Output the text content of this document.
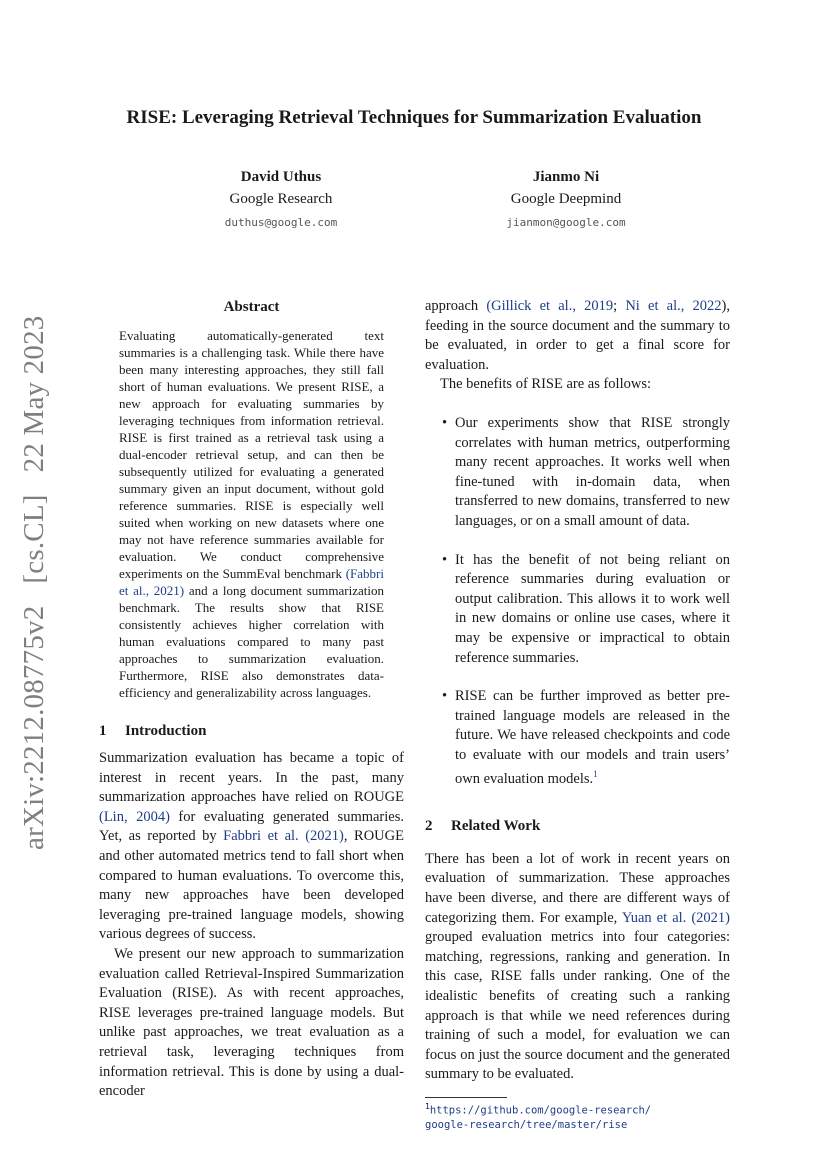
arXiv:2212.08775v2[cs.CL]22 May 2023
RISE: Leveraging Retrieval Techniques for Summarization Evaluation
David Uthus
Google Research
duthus@google.com
Jianmo Ni
Google Deepmind
jianmon@google.com
Abstract
Evaluating automatically-generated text summaries is a challenging task. While there have been many interesting approaches, they still fall short of human evaluations. We present RISE, a new approach for evaluating summaries by leveraging techniques from information retrieval. RISE is first trained as a retrieval task using a dual-encoder retrieval setup, and can then be subsequently utilized for evaluating a generated summary given an input document, without gold reference summaries. RISE is especially well suited when working on new datasets where one may not have reference summaries available for evaluation. We conduct comprehensive experiments on the SummEval benchmark (Fabbri et al., 2021) and a long document summarization benchmark. The results show that RISE consistently achieves higher correlation with human evaluations compared to many past approaches to summarization evaluation. Furthermore, RISE also demonstrates data-efficiency and generalizability across languages.
1 Introduction

Summarization evaluation has became a topic of interest in recent years. In the past, many summarization approaches have relied on ROUGE (Lin, 2004) for evaluating generated summaries. Yet, as reported by Fabbri et al. (2021), ROUGE and other automated metrics tend to fall short when compared to human evaluations. To overcome this, many new approaches have been developed leveraging pre-trained language models, showing various degrees of success.

We present our new approach to summarization evaluation called Retrieval-Inspired Summarization Evaluation (RISE). As with recent approaches, RISE leverages pre-trained language models. But unlike past approaches, we treat evaluation as a retrieval task, leveraging techniques from information retrieval. This is done by using a dual-encoder

approach (Gillick et al., 2019; Ni et al., 2022), feeding in the source document and the summary to be evaluated, in order to get a final score for evaluation.

The benefits of RISE are as follows:

• Our experiments show that RISE strongly correlates with human metrics, outperforming many recent approaches. It works well when fine-tuned with in-domain data, when transferred to new domains, transferred to new languages, or on a small amount of data.

• It has the benefit of not being reliant on reference summaries during evaluation or output calibration. This allows it to work well in new domains or online use cases, where it may be expensive or impractical to obtain reference summaries.

• RISE can be further improved as better pre-trained language models are released in the future. We have released checkpoints and code to evaluate with our models and train users’ own evaluation models.$^1$

2 Related Work

There has been a lot of work in recent years on evaluation of summarization. These approaches have been diverse, and there are different ways of categorizing them. For example, Yuan et al. (2021) grouped evaluation metrics into four categories: matching, regressions, ranking and generation. In this case, RISE falls under ranking. One of the idealistic benefits of creating such a ranking approach is that while we need references during training of such a model, for evaluation we can focus on just the source document and the generated summary to be evaluated.

$^1$https://github.com/google-research/
google-research/tree/master/rise
